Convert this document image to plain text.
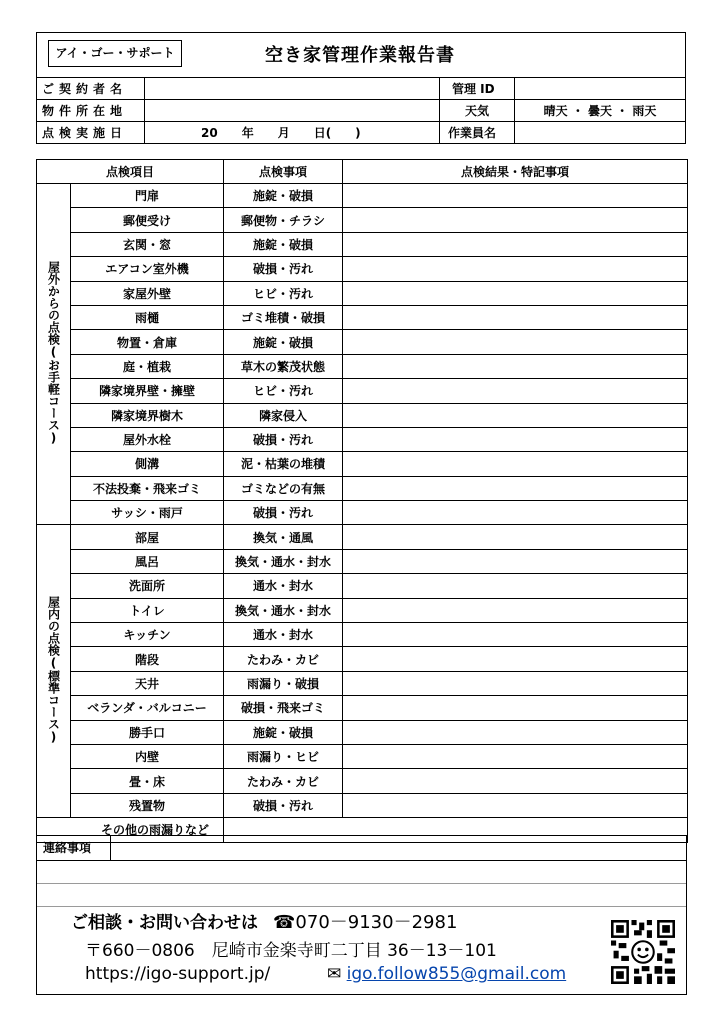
アイ・ゴー・サポート	空き家管理作業報告書
ご契約者名		管理 ID	
物件所在地		天気	晴天 ・ 曇天 ・ 雨天
点検実施日	20　　年　　月　　日(　　)	作業員名	
点検項目		点検事項	点検結果・特記事項
屋外からの点検(お手軽コース)	門扉	施錠・破損	
	郵便受け	郵便物・チラシ	
	玄関・窓	施錠・破損	
	エアコン室外機	破損・汚れ	
	家屋外壁	ヒビ・汚れ	
	雨樋	ゴミ堆積・破損	
	物置・倉庫	施錠・破損	
	庭・植栽	草木の繁茂状態	
	隣家境界壁・擁壁	ヒビ・汚れ	
	隣家境界樹木	隣家侵入	
	屋外水栓	破損・汚れ	
	側溝	泥・枯葉の堆積	
	不法投棄・飛来ゴミ	ゴミなどの有無	
	サッシ・雨戸	破損・汚れ	
屋内の点検(標準コース)	部屋	換気・通風	
	風呂	換気・通水・封水	
	洗面所	通水・封水	
	トイレ	換気・通水・封水	
	キッチン	通水・封水	
	階段	たわみ・カビ	
	天井	雨漏り・破損	
	ベランダ・バルコニー	破損・飛来ゴミ	
	勝手口	施錠・破損	
	内壁	雨漏り・ヒビ	
	畳・床	たわみ・カビ	
	残置物	破損・汚れ	
その他の雨漏りなど			
連絡事項
ご相談・お問い合わせは ☎070－9130－2981
〒660－0806　尼崎市金楽寺町二丁目 36－13－101
https://igo-support.jp/	✉ igo.follow855@gmail.com
